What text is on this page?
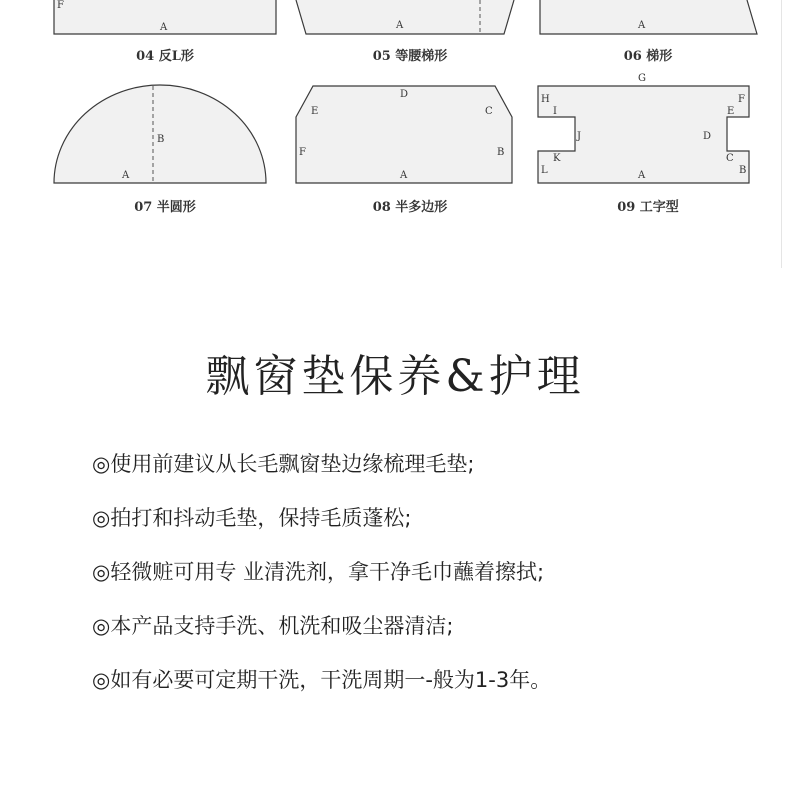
F
A	A	A
B
A
D
E	C
F	B
A
G
H	F
I	E
J	D
K	C
L	B
A
04 反L形	05 等腰梯形	06 梯形
07 半圆形	08 半多边形	09 工字型
飘窗垫保养&护理
◎使用前建议从长毛飘窗垫边缘梳理毛垫;
◎拍打和抖动毛垫，保持毛质蓬松;
◎轻微赃可用专 业清洗剂，拿干净毛巾蘸着擦拭;
◎本产品支持手洗、机洗和吸尘器清洁;
◎如有必要可定期干洗，干洗周期一-般为1-3年。
